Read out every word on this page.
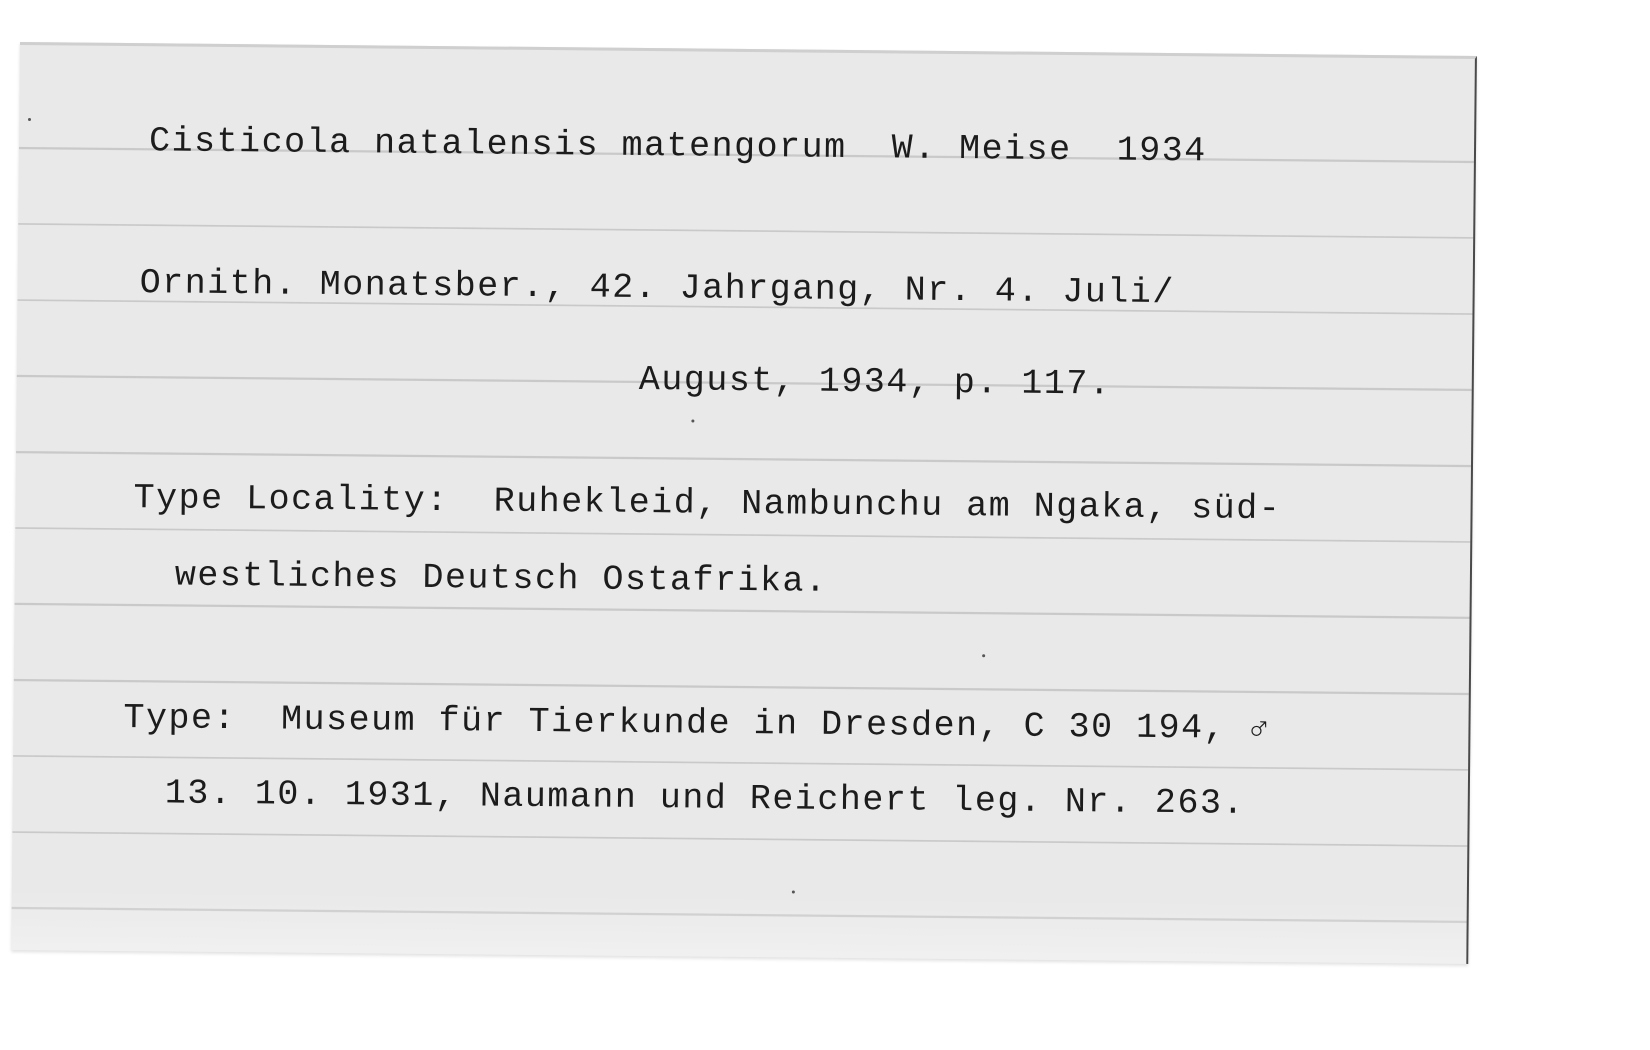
Cisticola natalensis matengorum  W. Meise  1934
Ornith. Monatsber., 42. Jahrgang, Nr. 4. Juli/
August, 1934, p. 117.
Type Locality:  Ruhekleid, Nambunchu am Ngaka, süd-
westliches Deutsch Ostafrika.
Type:  Museum für Tierkunde in Dresden, C 30 194, ♂
13. 10. 1931, Naumann und Reichert leg. Nr. 263.
